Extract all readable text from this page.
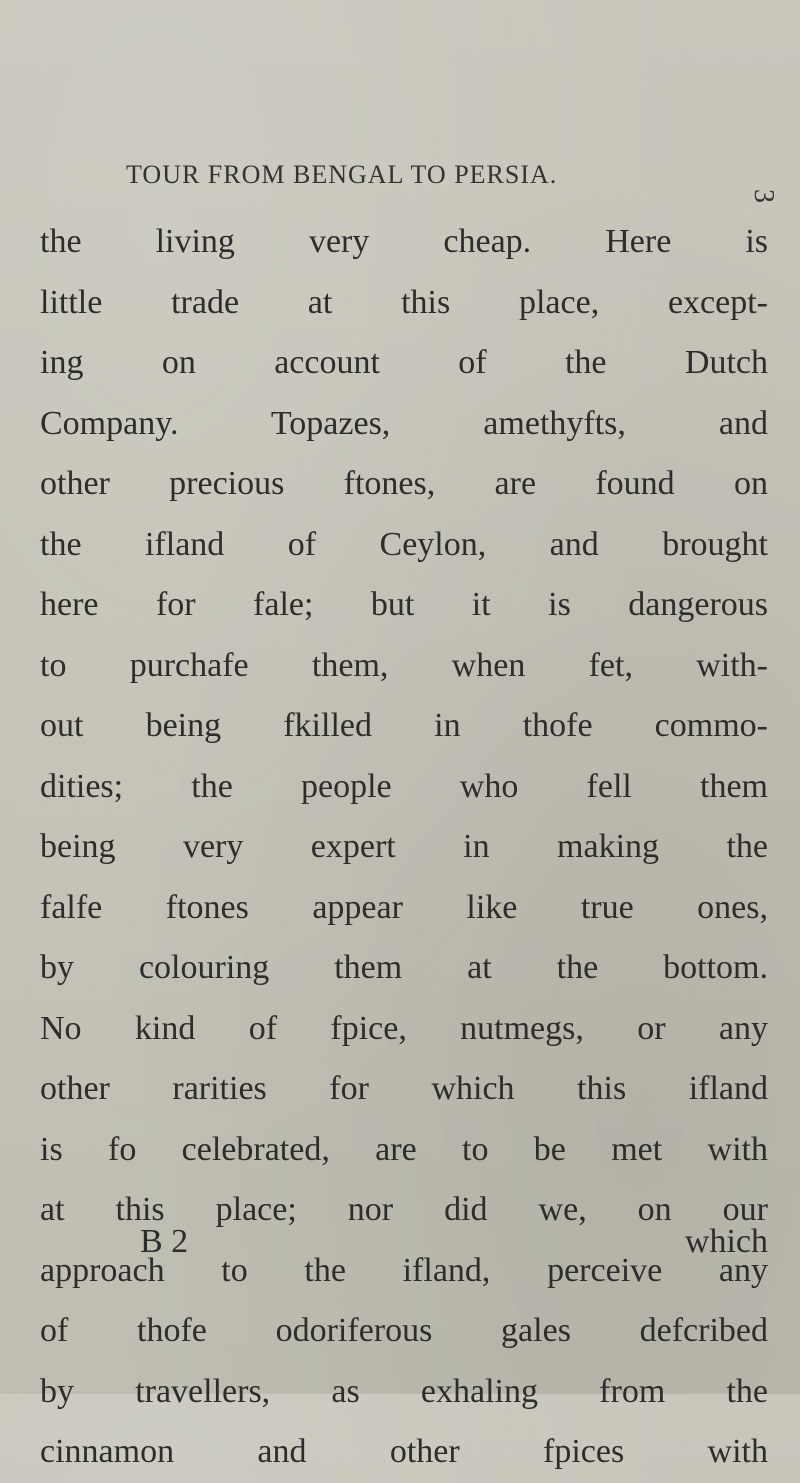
TOUR FROM BENGAL TO PERSIA.
3
the living very cheap. Here is
little trade at this place, except-
ing on account of the Dutch
Company. Topazes, amethyfts, and
other precious ftones, are found on
the ifland of Ceylon, and brought
here for fale; but it is dangerous
to purchafe them, when fet, with-
out being fkilled in thofe commo-
dities; the people who fell them
being very expert in making the
falfe ftones appear like true ones,
by colouring them at the bottom.
No kind of fpice, nutmegs, or any
other rarities for which this ifland
is fo celebrated, are to be met with
at this place; nor did we, on our
approach to the ifland, perceive any
of thofe odoriferous gales defcribed
by travellers, as exhaling from the
cinnamon and other fpices with
B 2	which
